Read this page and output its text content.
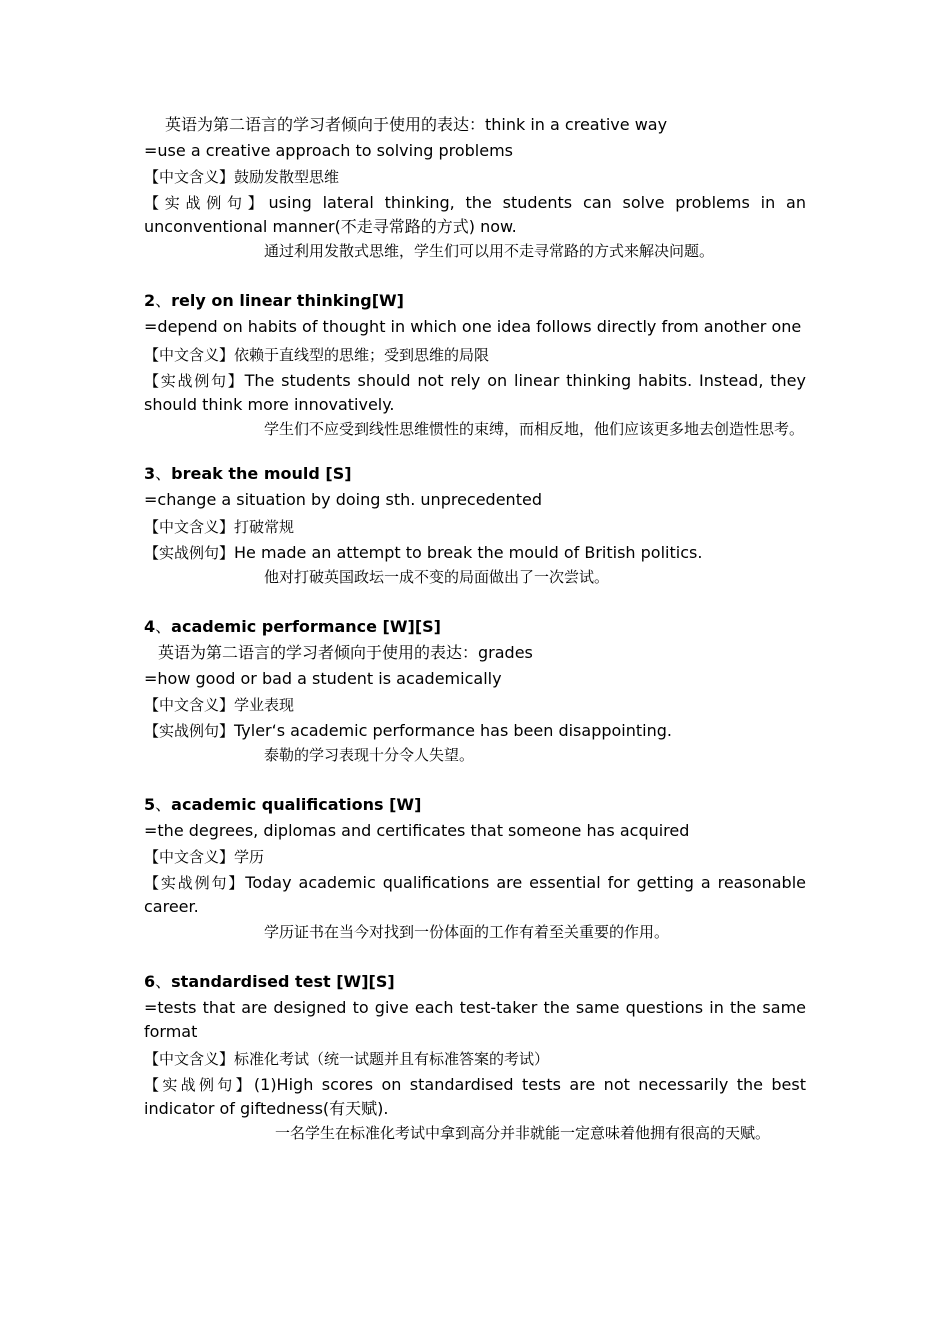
英语为第二语言的学习者倾向于使用的表达：think in a creative way

=use a creative approach to solving problems

【中文含义】鼓励发散型思维

【实战例句】using lateral thinking, the students can solve problems in an unconventional manner(不走寻常路的方式) now.

通过利用发散式思维，学生们可以用不走寻常路的方式来解决问题。

2、rely on linear thinking[W]

=depend on habits of thought in which one idea follows directly from another one

【中文含义】依赖于直线型的思维；受到思维的局限

【实战例句】The students should not rely on linear thinking habits. Instead, they should think more innovatively.

学生们不应受到线性思维惯性的束缚，而相反地，他们应该更多地去创造性思考。

3、break the mould [S]

=change a situation by doing sth. unprecedented

【中文含义】打破常规

【实战例句】He made an attempt to break the mould of British politics.

他对打破英国政坛一成不变的局面做出了一次尝试。

4、academic performance [W][S]

英语为第二语言的学习者倾向于使用的表达：grades

=how good or bad a student is academically

【中文含义】学业表现

【实战例句】Tyler‘s academic performance has been disappointing.

泰勒的学习表现十分令人失望。

5、academic qualifications [W]

=the degrees, diplomas and certificates that someone has acquired

【中文含义】学历

【实战例句】Today academic qualifications are essential for getting a reasonable career.

学历证书在当今对找到一份体面的工作有着至关重要的作用。

6、standardised test [W][S]

=tests that are designed to give each test-taker the same questions in the same format

【中文含义】标准化考试（统一试题并且有标准答案的考试）

【实战例句】(1)High scores on standardised tests are not necessarily the best indicator of giftedness(有天赋).

一名学生在标准化考试中拿到高分并非就能一定意味着他拥有很高的天赋。
